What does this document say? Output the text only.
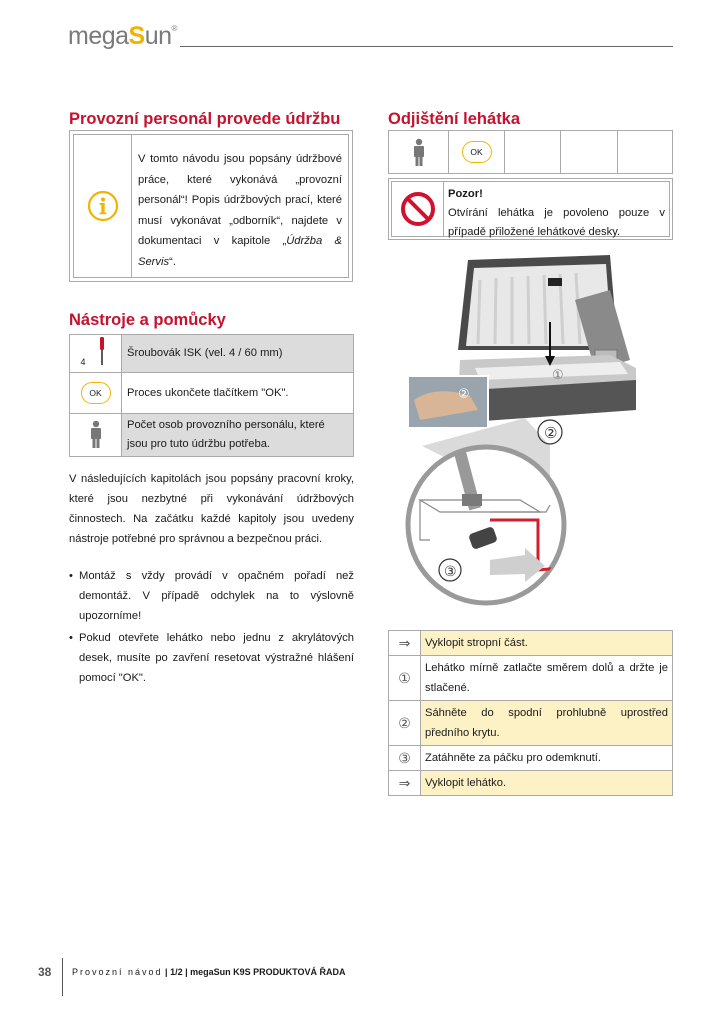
megaSun®
Provozní personál provede údržbu
V tomto návodu jsou popsány údržbové práce, které vykonává „provozní personál“! Popis údržbových prací, které musí vykonávat „odborník“, najdete v dokumentaci v kapitole „Údržba & Servis“.
Nástroje a pomůcky
4	Šroubovák ISK (vel. 4 / 60 mm)
OK	Proces ukončete tlačítkem "OK".
	Počet osob provozního personálu, které jsou pro tuto údržbu potřeba.
V následujících kapitolách jsou popsány pracovní kroky, které jsou nezbytné při vykonávání údržbových činnostech. Na začátku každé kapitoly jsou uvedeny nástroje potřebné pro správnou a bezpečnou práci.
• Montáž s vždy provádí v opačném pořadí než demontáž. V případě odchylek na to výslovně upozorníme!
• Pokud otevřete lehátko nebo jednu z akrylátových desek, musíte po zavření resetovat výstražné hlášení pomocí "OK".
Odjištění lehátka
OK
Pozor!
Otvírání lehátka je povoleno pouze v případě přiložené lehátkové desky.
①
②
②
③
⇒	Vyklopit stropní část.
①	Lehátko mírně zatlačte směrem dolů a držte je stlačené.
②	Sáhněte do spodní prohlubně uprostřed předního krytu.
③	Zatáhněte za páčku pro odemknutí.
⇒	Vyklopit lehátko.
38 Provozní návod | 1/2 | megaSun K9S PRODUKTOVÁ ŘADA
